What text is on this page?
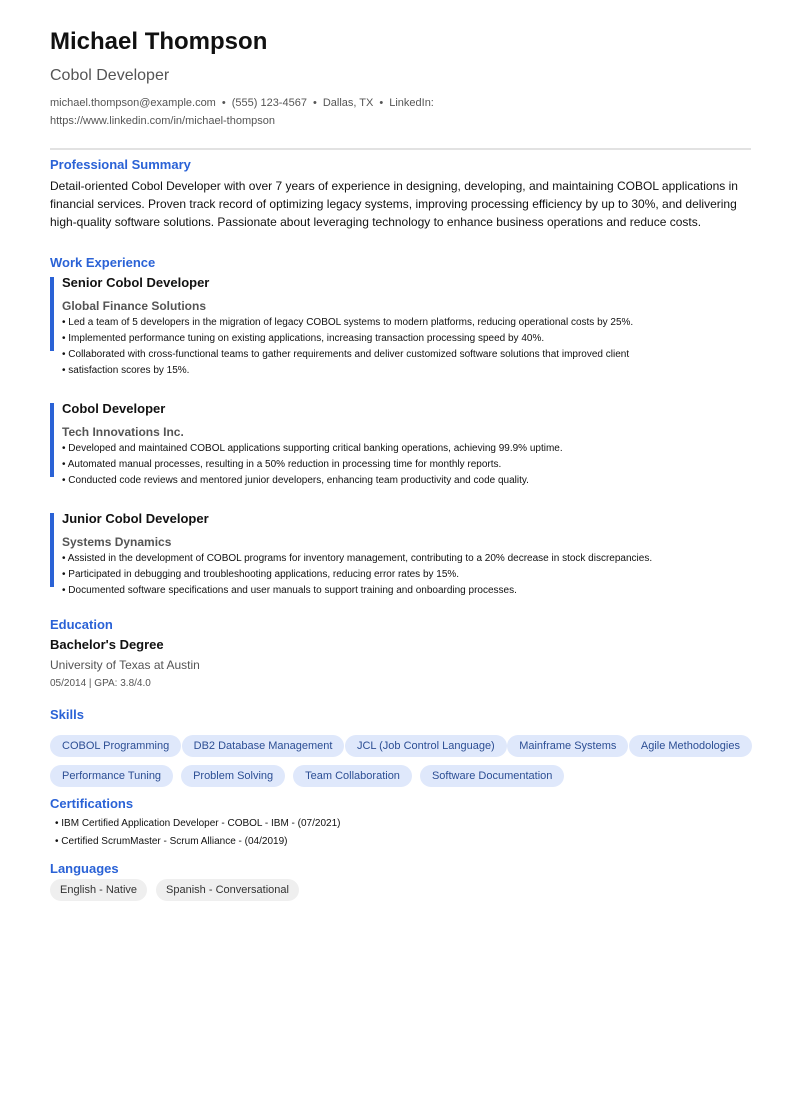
Michael Thompson
Cobol Developer
michael.thompson@example.com • (555) 123-4567 • Dallas, TX • LinkedIn:
https://www.linkedin.com/in/michael-thompson
Professional Summary
Detail-oriented Cobol Developer with over 7 years of experience in designing, developing, and maintaining COBOL applications in financial services. Proven track record of optimizing legacy systems, improving processing efficiency by up to 30%, and delivering high-quality software solutions. Passionate about leveraging technology to enhance business operations and reduce costs.
Work Experience
Senior Cobol Developer
Global Finance Solutions
• Led a team of 5 developers in the migration of legacy COBOL systems to modern platforms, reducing operational costs by 25%.
• Implemented performance tuning on existing applications, increasing transaction processing speed by 40%.
• Collaborated with cross-functional teams to gather requirements and deliver customized software solutions that improved client
• satisfaction scores by 15%.
Cobol Developer
Tech Innovations Inc.
• Developed and maintained COBOL applications supporting critical banking operations, achieving 99.9% uptime.
• Automated manual processes, resulting in a 50% reduction in processing time for monthly reports.
• Conducted code reviews and mentored junior developers, enhancing team productivity and code quality.
Junior Cobol Developer
Systems Dynamics
• Assisted in the development of COBOL programs for inventory management, contributing to a 20% decrease in stock discrepancies.
• Participated in debugging and troubleshooting applications, reducing error rates by 15%.
• Documented software specifications and user manuals to support training and onboarding processes.
Education
Bachelor's Degree
University of Texas at Austin
05/2014 | GPA: 3.8/4.0
Skills
COBOL Programming	DB2 Database Management	JCL (Job Control Language)	Mainframe Systems	Agile Methodologies
Performance Tuning	Problem Solving	Team Collaboration	Software Documentation
Certifications
• IBM Certified Application Developer - COBOL - IBM - (07/2021)
• Certified ScrumMaster - Scrum Alliance - (04/2019)
Languages
English - Native	Spanish - Conversational
